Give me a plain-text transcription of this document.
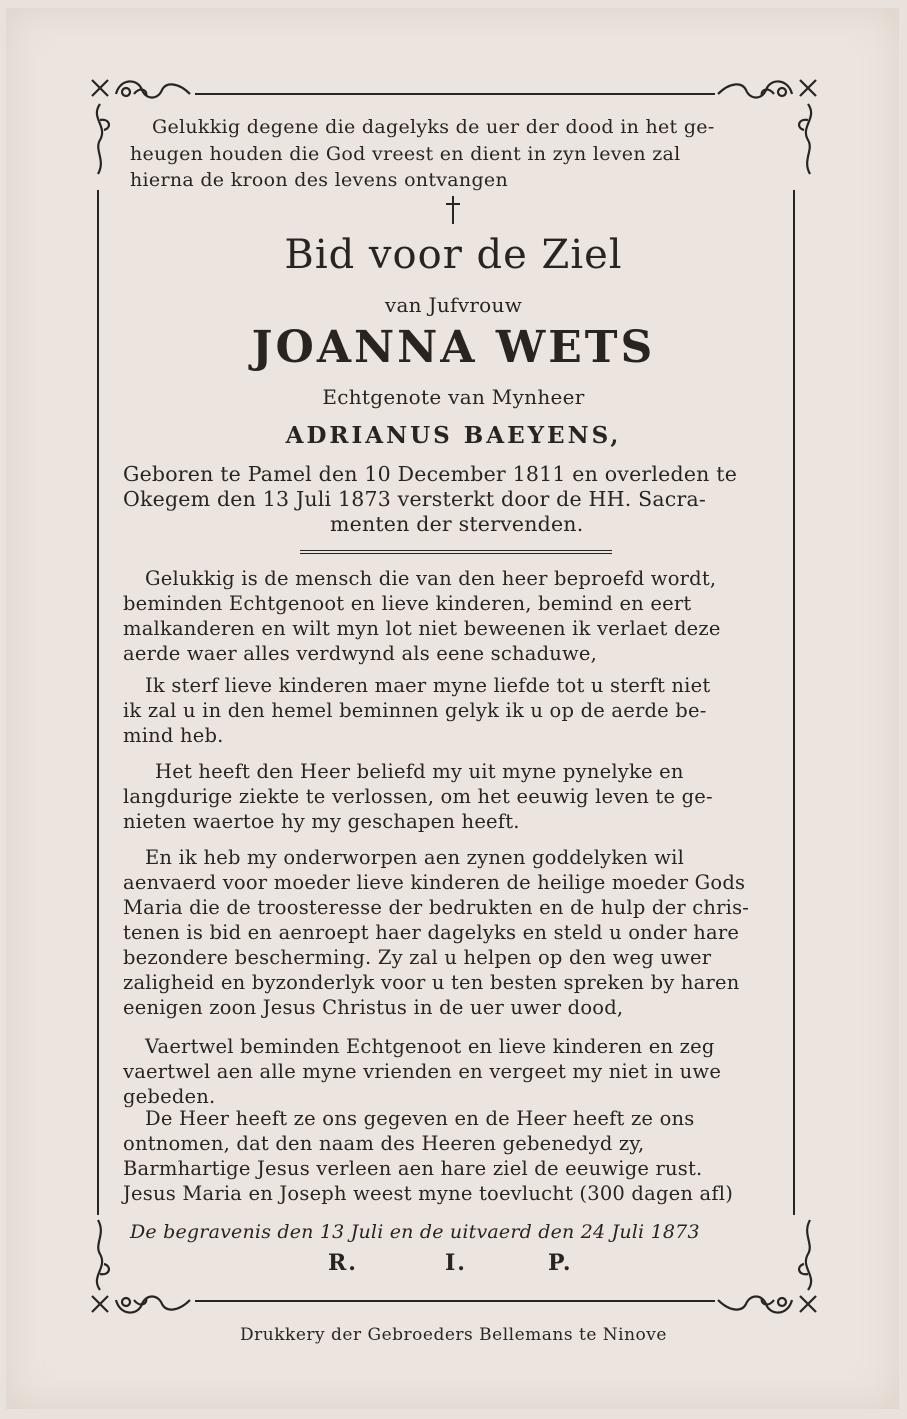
Gelukkig degene die dagelyks de uer der dood in het ge-

heugen houden die God vreest en dient in zyn leven zal

hierna de kroon des levens ontvangen

Bid voor de Ziel

van Jufvrouw

JOANNA WETS

Echtgenote van Mynheer

ADRIANUS BAEYENS,

Geboren te Pamel den 10 December 1811 en overleden te

Okegem den 13 Juli 1873 versterkt door de HH. Sacra-

menten der stervenden.

Gelukkig is de mensch die van den heer beproefd wordt,

beminden Echtgenoot en lieve kinderen, bemind en eert

malkanderen en wilt myn lot niet beweenen ik verlaet deze

aerde waer alles verdwynd als eene schaduwe,

Ik sterf lieve kinderen maer myne liefde tot u sterft niet

ik zal u in den hemel beminnen gelyk ik u op de aerde be-

mind heb.

Het heeft den Heer beliefd my uit myne pynelyke en

langdurige ziekte te verlossen, om het eeuwig leven te ge-

nieten waertoe hy my geschapen heeft.

En ik heb my onderworpen aen zynen goddelyken wil

aenvaerd voor moeder lieve kinderen de heilige moeder Gods

Maria die de troosteresse der bedrukten en de hulp der chris-

tenen is bid en aenroept haer dagelyks en steld u onder hare

bezondere bescherming. Zy zal u helpen op den weg uwer

zaligheid en byzonderlyk voor u ten besten spreken by haren

eenigen zoon Jesus Christus in de uer uwer dood,

Vaertwel beminden Echtgenoot en lieve kinderen en zeg

vaertwel aen alle myne vrienden en vergeet my niet in uwe

gebeden.

De Heer heeft ze ons gegeven en de Heer heeft ze ons

ontnomen, dat den naam des Heeren gebenedyd zy,

Barmhartige Jesus verleen aen hare ziel de eeuwige rust.

Jesus Maria en Joseph weest myne toevlucht (300 dagen afl)

De begravenis den 13 Juli en de uitvaerd den 24 Juli 1873

R.	I.	P.

Drukkery der Gebroeders Bellemans te Ninove
